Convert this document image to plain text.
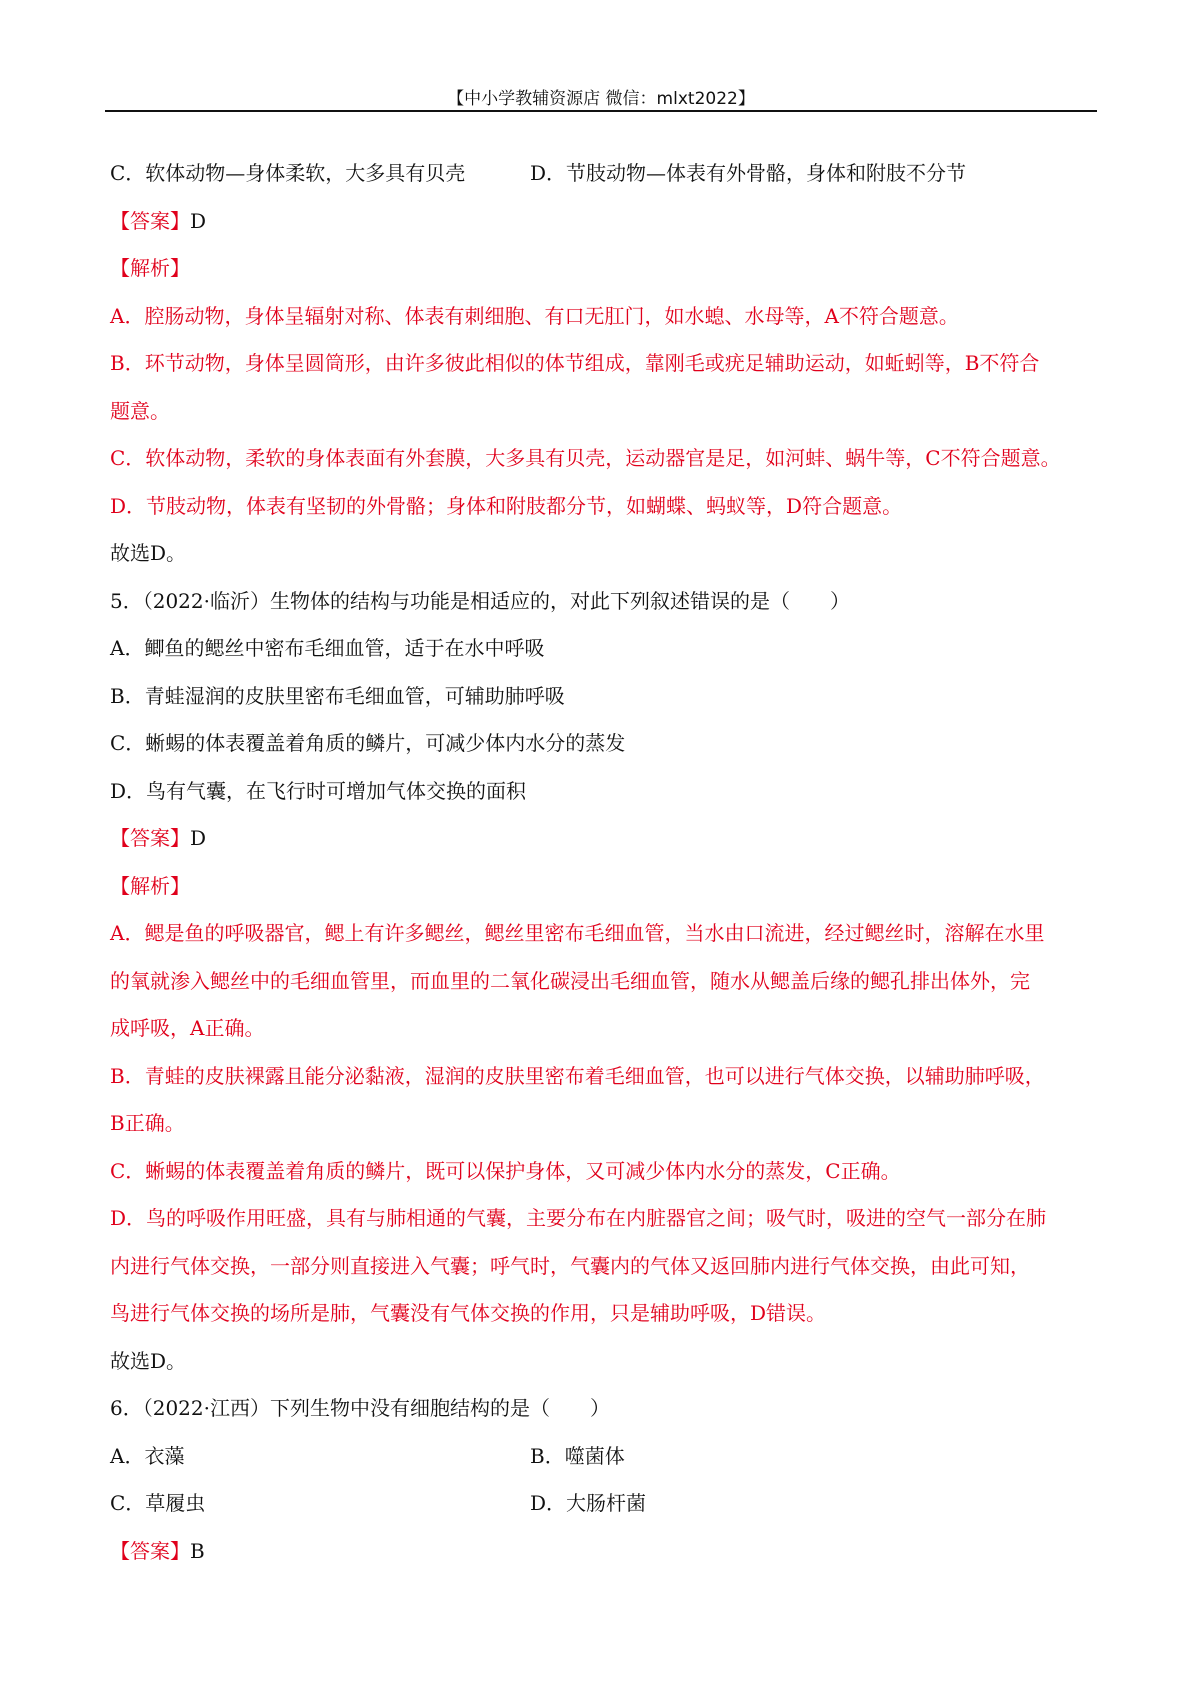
【中小学教辅资源店 微信：mlxt2022】
C．软体动物—身体柔软，大多具有贝壳	D．节肢动物—体表有外骨骼，身体和附肢不分节
【答案】D
【解析】
A．腔肠动物，身体呈辐射对称、体表有刺细胞、有口无肛门，如水螅、水母等，A不符合题意。
B．环节动物，身体呈圆筒形，由许多彼此相似的体节组成，靠刚毛或疣足辅助运动，如蚯蚓等，B不符合
题意。
C．软体动物，柔软的身体表面有外套膜，大多具有贝壳，运动器官是足，如河蚌、蜗牛等，C不符合题意。
D．节肢动物，体表有坚韧的外骨骼；身体和附肢都分节，如蝴蝶、蚂蚁等，D符合题意。
故选D。
5．（2022·临沂）生物体的结构与功能是相适应的，对此下列叙述错误的是（　　）
A．鲫鱼的鳃丝中密布毛细血管，适于在水中呼吸
B．青蛙湿润的皮肤里密布毛细血管，可辅助肺呼吸
C．蜥蜴的体表覆盖着角质的鳞片，可减少体内水分的蒸发
D．鸟有气囊，在飞行时可增加气体交换的面积
【答案】D
【解析】
A．鳃是鱼的呼吸器官，鳃上有许多鳃丝，鳃丝里密布毛细血管，当水由口流进，经过鳃丝时，溶解在水里
的氧就渗入鳃丝中的毛细血管里，而血里的二氧化碳浸出毛细血管，随水从鳃盖后缘的鳃孔排出体外，完
成呼吸，A正确。
B．青蛙的皮肤裸露且能分泌黏液，湿润的皮肤里密布着毛细血管，也可以进行气体交换，以辅助肺呼吸，
B正确。
C．蜥蜴的体表覆盖着角质的鳞片，既可以保护身体，又可减少体内水分的蒸发，C正确。
D．鸟的呼吸作用旺盛，具有与肺相通的气囊，主要分布在内脏器官之间；吸气时，吸进的空气一部分在肺
内进行气体交换，一部分则直接进入气囊；呼气时，气囊内的气体又返回肺内进行气体交换，由此可知，
鸟进行气体交换的场所是肺，气囊没有气体交换的作用，只是辅助呼吸，D错误。
故选D。
6．（2022·江西）下列生物中没有细胞结构的是（　　）
A．衣藻	B．噬菌体
C．草履虫	D．大肠杆菌
【答案】B
